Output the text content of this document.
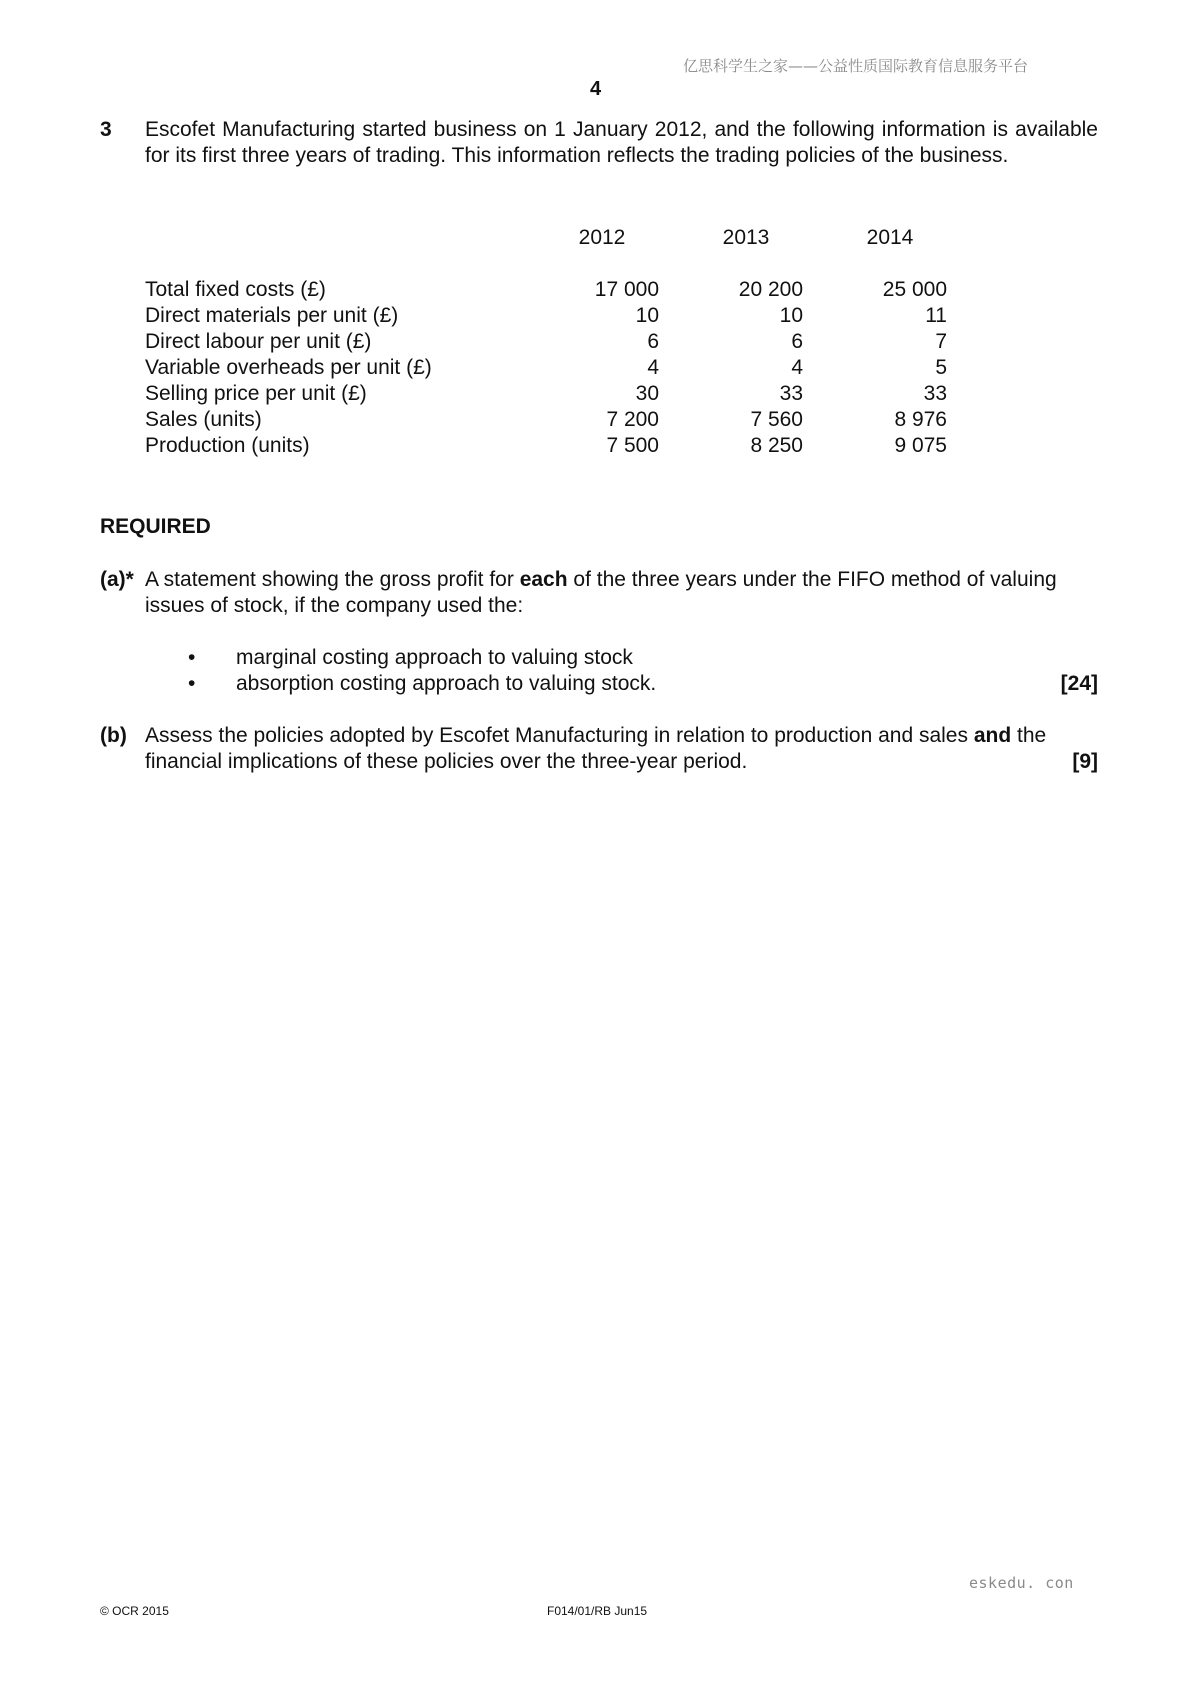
亿思科学生之家——公益性质国际教育信息服务平台
4
3 Escofet Manufacturing started business on 1 January 2012, and the following information is available for its first three years of trading. This information reflects the trading policies of the business.
	2012	2013	2014
Total fixed costs (£)	17 000	20 200	25 000
Direct materials per unit (£)	10	10	11
Direct labour per unit (£)	6	6	7
Variable overheads per unit (£)	4	4	5
Selling price per unit (£)	30	33	33
Sales (units)	7 200	7 560	8 976
Production (units)	7 500	8 250	9 075
REQUIRED
(a)* A statement showing the gross profit for each of the three years under the FIFO method of valuing issues of stock, if the company used the:
• marginal costing approach to valuing stock
• absorption costing approach to valuing stock.	[24]
(b) Assess the policies adopted by Escofet Manufacturing in relation to production and sales and the
financial implications of these policies over the three-year period.	[9]
eskedu. con
© OCR 2015	F014/01/RB Jun15
